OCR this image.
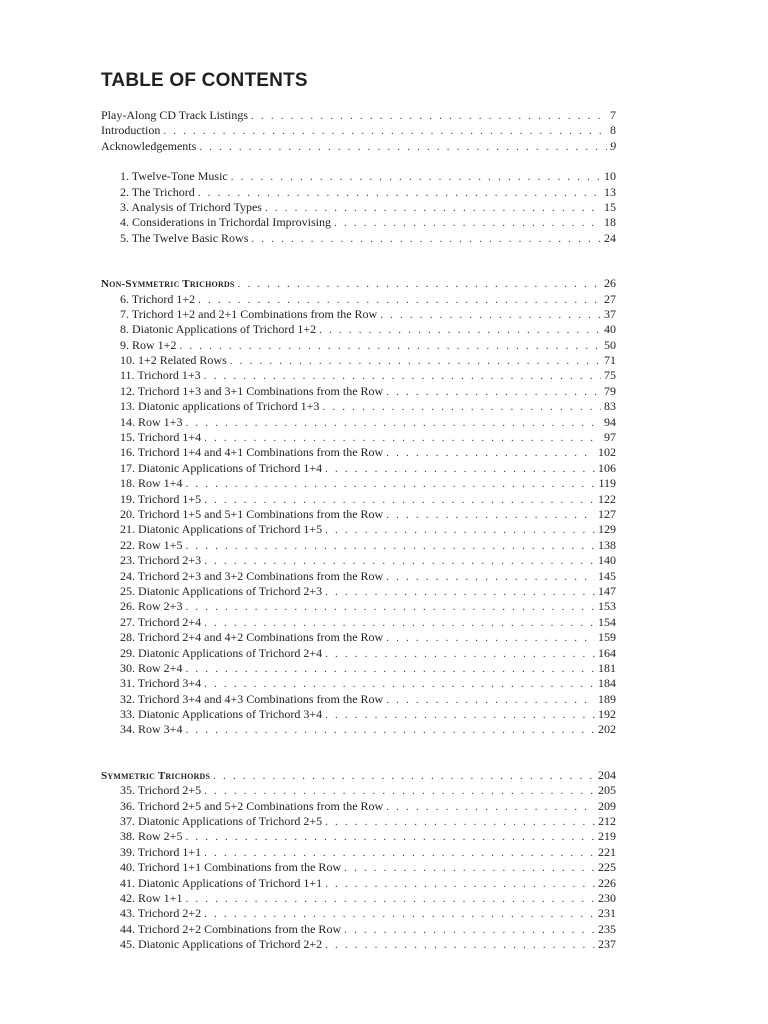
TABLE OF CONTENTS
Play-Along CD Track Listings . . .	7
Introduction . . .	8
Acknowledgements . . .	9
1. Twelve-Tone Music . . .	10
2. The Trichord . . .	13
3. Analysis of Trichord Types . . .	15
4. Considerations in Trichordal Improvising . . .	18
5. The Twelve Basic Rows . . .	24
Non-Symmetric Trichords . . .	26
6. Trichord 1+2 . . .	27
7. Trichord 1+2 and 2+1 Combinations from the Row . . .	37
8. Diatonic Applications of Trichord 1+2 . . .	40
9. Row 1+2 . . .	50
10. 1+2 Related Rows . . .	71
11. Trichord 1+3 . . .	75
12. Trichord 1+3 and 3+1 Combinations from the Row . . .	79
13. Diatonic applications of Trichord 1+3 . . .	83
14. Row 1+3 . . .	94
15. Trichord 1+4 . . .	97
16. Trichord 1+4 and 4+1 Combinations from the Row . . .	102
17. Diatonic Applications of Trichord 1+4 . . .	106
18. Row 1+4 . . .	119
19. Trichord 1+5 . . .	122
20. Trichord 1+5 and 5+1 Combinations from the Row . . .	127
21. Diatonic Applications of Trichord 1+5 . . .	129
22. Row 1+5 . . .	138
23. Trichord 2+3 . . .	140
24. Trichord 2+3 and 3+2 Combinations from the Row . . .	145
25. Diatonic Applications of Trichord 2+3 . . .	147
26. Row 2+3 . . .	153
27. Trichord 2+4 . . .	154
28. Trichord 2+4 and 4+2 Combinations from the Row . . .	159
29. Diatonic Applications of Trichord 2+4 . . .	164
30. Row 2+4 . . .	181
31. Trichord 3+4 . . .	184
32. Trichord 3+4 and 4+3 Combinations from the Row . . .	189
33. Diatonic Applications of Trichord 3+4 . . .	192
34. Row 3+4 . . .	202
Symmetric Trichords . . .	204
35. Trichord 2+5 . . .	205
36. Trichord 2+5 and 5+2 Combinations from the Row . . .	209
37. Diatonic Applications of Trichord 2+5 . . .	212
38. Row 2+5 . . .	219
39. Trichord 1+1 . . .	221
40. Trichord 1+1 Combinations from the Row . . .	225
41. Diatonic Applications of Trichord 1+1 . . .	226
42. Row 1+1 . . .	230
43. Trichord 2+2 . . .	231
44. Trichord 2+2 Combinations from the Row . . .	235
45. Diatonic Applications of Trichord 2+2 . . .	237
